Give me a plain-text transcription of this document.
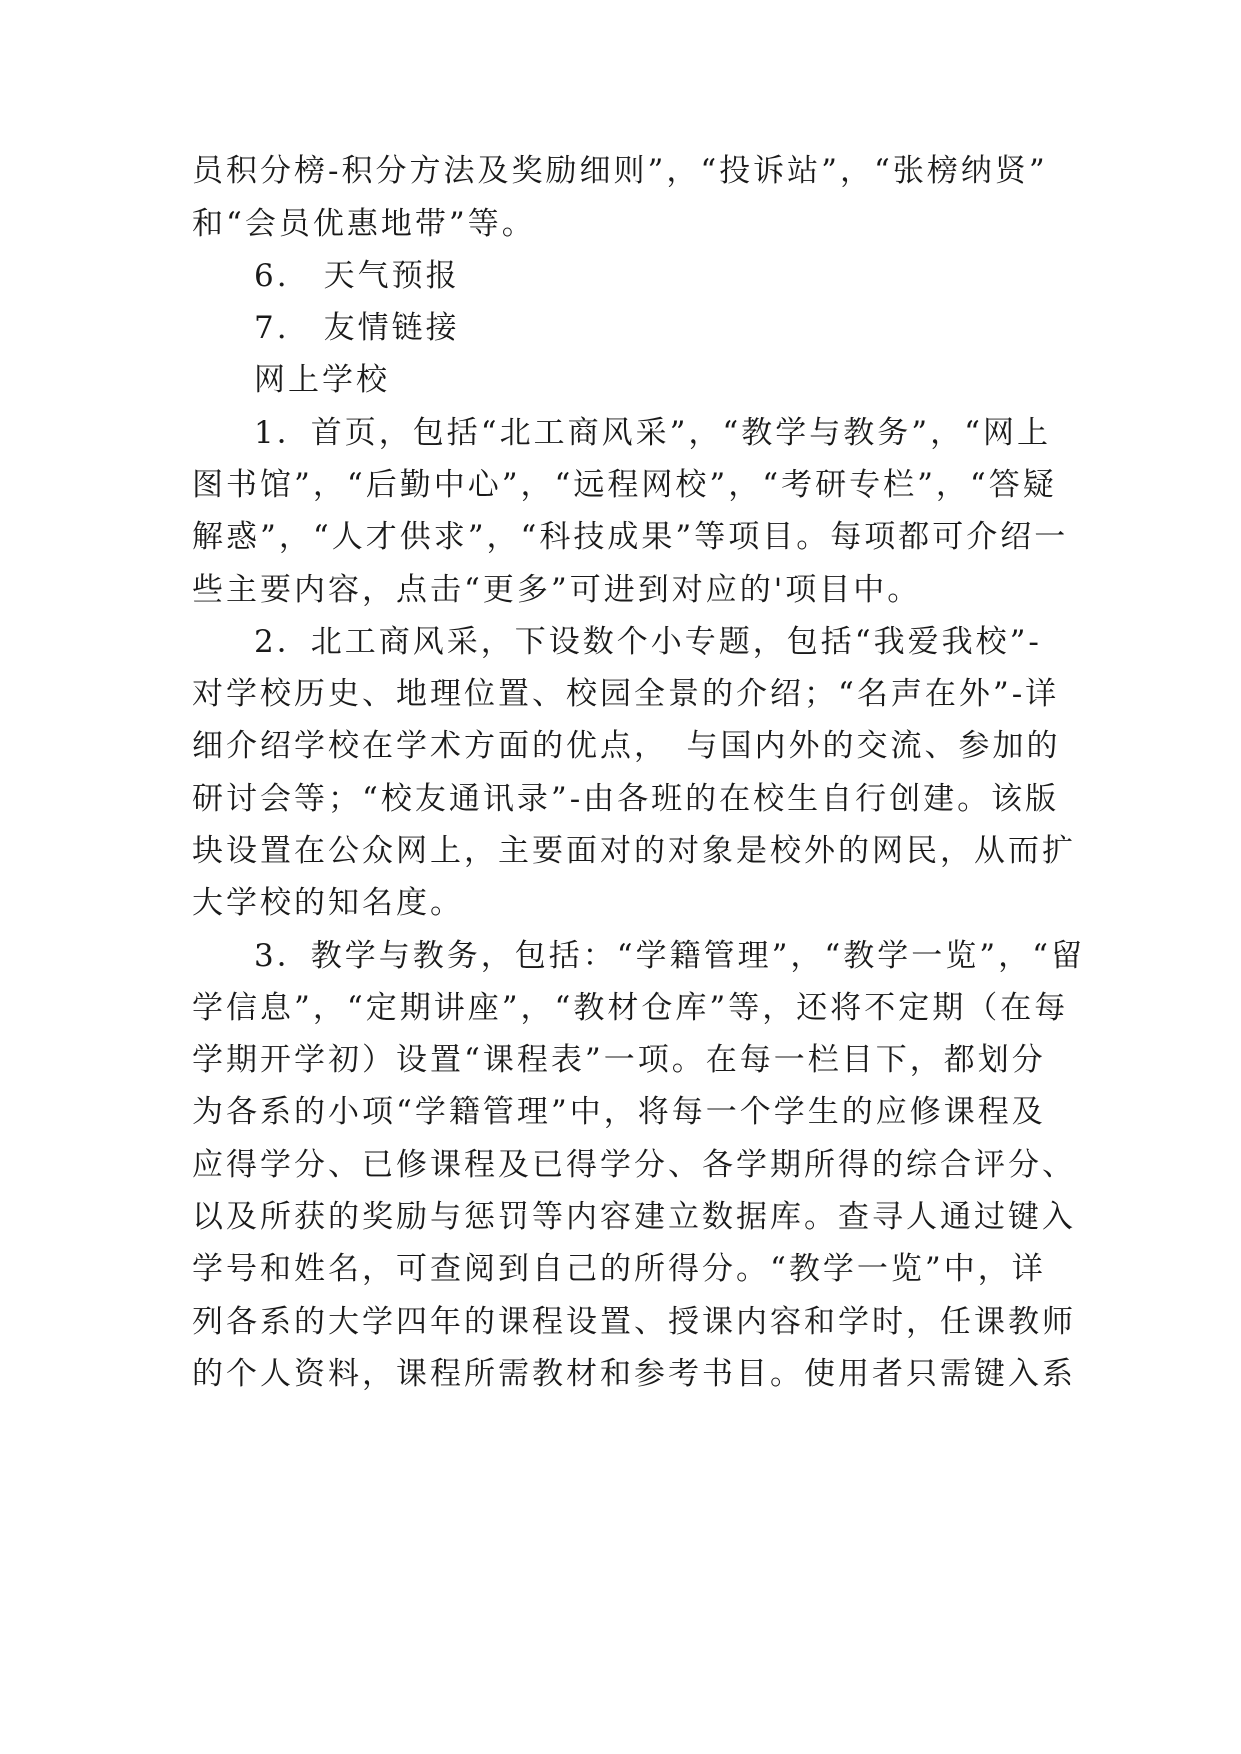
员积分榜-积分方法及奖励细则”，“投诉站”，“张榜纳贤”

和“会员优惠地带”等。

6.　天气预报

7.　友情链接

网上学校

1．首页，包括“北工商风采”，“教学与教务”，“网上

图书馆”，“后勤中心”，“远程网校”，“考研专栏”，“答疑

解惑”，“人才供求”，“科技成果”等项目。每项都可介绍一

些主要内容，点击“更多”可进到对应的'项目中。

2．北工商风采，下设数个小专题，包括“我爱我校”-

对学校历史、地理位置、校园全景的介绍；“名声在外”-详

细介绍学校在学术方面的优点，　与国内外的交流、参加的

研讨会等；“校友通讯录”-由各班的在校生自行创建。该版

块设置在公众网上，主要面对的对象是校外的网民，从而扩

大学校的知名度。

3．教学与教务，包括：“学籍管理”，“教学一览”，“留

学信息”，“定期讲座”，“教材仓库”等，还将不定期（在每

学期开学初）设置“课程表”一项。在每一栏目下，都划分

为各系的小项“学籍管理”中，将每一个学生的应修课程及

应得学分、已修课程及已得学分、各学期所得的综合评分、

以及所获的奖励与惩罚等内容建立数据库。查寻人通过键入

学号和姓名，可查阅到自己的所得分。“教学一览”中，详

列各系的大学四年的课程设置、授课内容和学时，任课教师

的个人资料，课程所需教材和参考书目。使用者只需键入系
